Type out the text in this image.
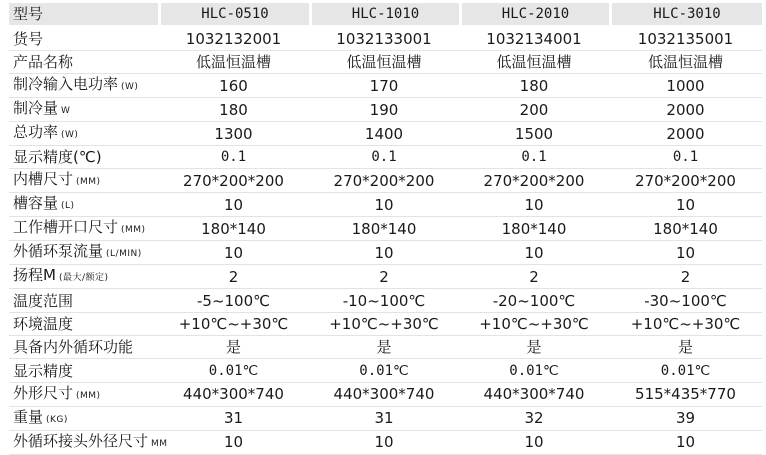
型号	HLC-0510	HLC-1010	HLC-2010	HLC-3010
货号	1032132001	1032133001	1032134001	1032135001
产品名称	低温恒温槽	低温恒温槽	低温恒温槽	低温恒温槽
制冷输入电功率 (W)	160	170	180	1000
制冷量 W	180	190	200	2000
总功率 (W)	1300	1400	1500	2000
显示精度(℃)	0.1	0.1	0.1	0.1
内槽尺寸 (MM)	270*200*200	270*200*200	270*200*200	270*200*200
槽容量 (L)	10	10	10	10
工作槽开口尺寸 (MM)	180*140	180*140	180*140	180*140
外循环泵流量 (L/MIN)	10	10	10	10
扬程M (最大/额定)	2	2	2	2
温度范围	-5~100℃	-10~100℃	-20~100℃	-30~100℃
环境温度	+10℃~+30℃	+10℃~+30℃	+10℃~+30℃	+10℃~+30℃
具备内外循环功能	是	是	是	是
显示精度	0.01℃	0.01℃	0.01℃	0.01℃
外形尺寸 (MM)	440*300*740	440*300*740	440*300*740	515*435*770
重量 (KG)	31	31	32	39
外循环接头外径尺寸 MM	10	10	10	10
